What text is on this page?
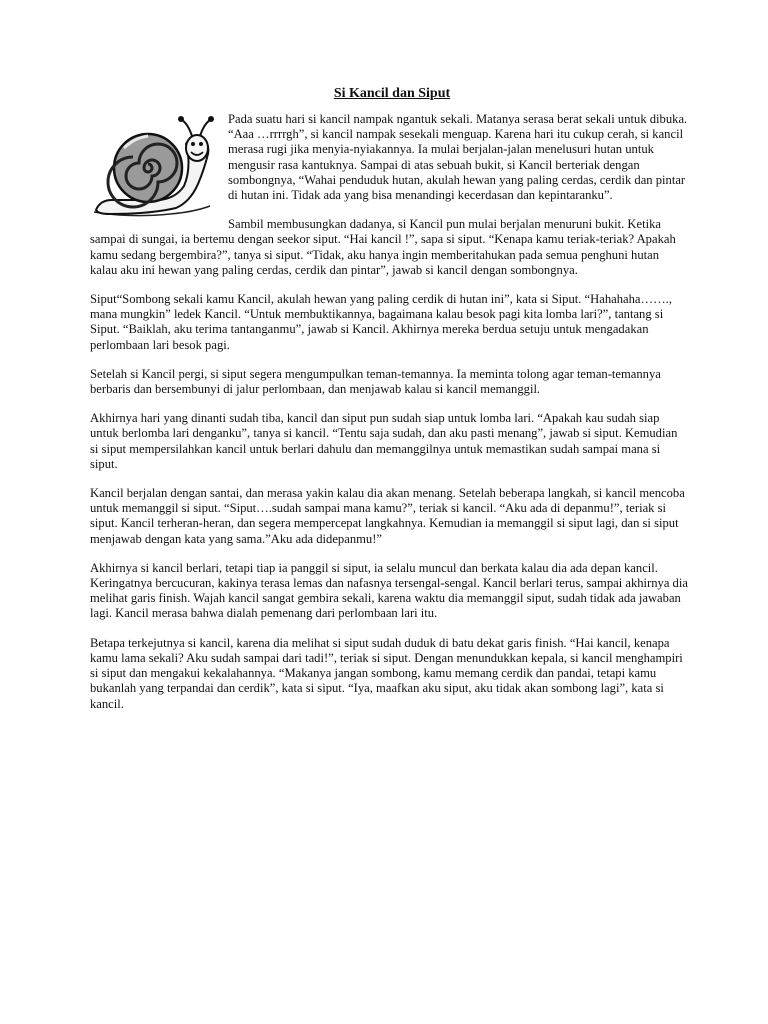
Si Kancil dan Siput
Pada suatu hari si kancil nampak ngantuk sekali. Matanya serasa berat sekali untuk dibuka. “Aaa …rrrrgh”, si kancil nampak sesekali menguap. Karena hari itu cukup cerah, si kancil merasa rugi jika menyia-nyiakannya. Ia mulai berjalan-jalan menelusuri hutan untuk mengusir rasa kantuknya. Sampai di atas sebuah bukit, si Kancil berteriak dengan sombongnya, “Wahai penduduk hutan, akulah hewan yang paling cerdas, cerdik dan pintar di hutan ini. Tidak ada yang bisa menandingi kecerdasan dan kepintaranku”.
Sambil membusungkan dadanya, si Kancil pun mulai berjalan menuruni bukit. Ketika sampai di sungai, ia bertemu dengan seekor siput. “Hai kancil !”, sapa si siput. “Kenapa kamu teriak-teriak? Apakah kamu sedang bergembira?”, tanya si siput. “Tidak, aku hanya ingin memberitahukan pada semua penghuni hutan kalau aku ini hewan yang paling cerdas, cerdik dan pintar”, jawab si kancil dengan sombongnya.
Siput“Sombong sekali kamu Kancil, akulah hewan yang paling cerdik di hutan ini”, kata si Siput. “Hahahaha……., mana mungkin” ledek Kancil. “Untuk membuktikannya, bagaimana kalau besok pagi kita lomba lari?”, tantang si Siput. “Baiklah, aku terima tantanganmu”, jawab si Kancil. Akhirnya mereka berdua setuju untuk mengadakan perlombaan lari besok pagi.
Setelah si Kancil pergi, si siput segera mengumpulkan teman-temannya. Ia meminta tolong agar teman-temannya berbaris dan bersembunyi di jalur perlombaan, dan menjawab kalau si kancil memanggil.
Akhirnya hari yang dinanti sudah tiba, kancil dan siput pun sudah siap untuk lomba lari. “Apakah kau sudah siap untuk berlomba lari denganku”, tanya si kancil. “Tentu saja sudah, dan aku pasti menang”, jawab si siput. Kemudian si siput mempersilahkan kancil untuk berlari dahulu dan memanggilnya untuk memastikan sudah sampai mana si siput.
Kancil berjalan dengan santai, dan merasa yakin kalau dia akan menang. Setelah beberapa langkah, si kancil mencoba untuk memanggil si siput. “Siput….sudah sampai mana kamu?”, teriak si kancil. “Aku ada di depanmu!”, teriak si siput. Kancil terheran-heran, dan segera mempercepat langkahnya. Kemudian ia memanggil si siput lagi, dan si siput menjawab dengan kata yang sama.”Aku ada didepanmu!”
Akhirnya si kancil berlari, tetapi tiap ia panggil si siput, ia selalu muncul dan berkata kalau dia ada depan kancil. Keringatnya bercucuran, kakinya terasa lemas dan nafasnya tersengal-sengal. Kancil berlari terus, sampai akhirnya dia melihat garis finish. Wajah kancil sangat gembira sekali, karena waktu dia memanggil siput, sudah tidak ada jawaban lagi. Kancil merasa bahwa dialah pemenang dari perlombaan lari itu.
Betapa terkejutnya si kancil, karena dia melihat si siput sudah duduk di batu dekat garis finish. “Hai kancil, kenapa kamu lama sekali? Aku sudah sampai dari tadi!”, teriak si siput. Dengan menundukkan kepala, si kancil menghampiri si siput dan mengakui kekalahannya. “Makanya jangan sombong, kamu memang cerdik dan pandai, tetapi kamu bukanlah yang terpandai dan cerdik”, kata si siput. “Iya, maafkan aku siput, aku tidak akan sombong lagi”, kata si kancil.
